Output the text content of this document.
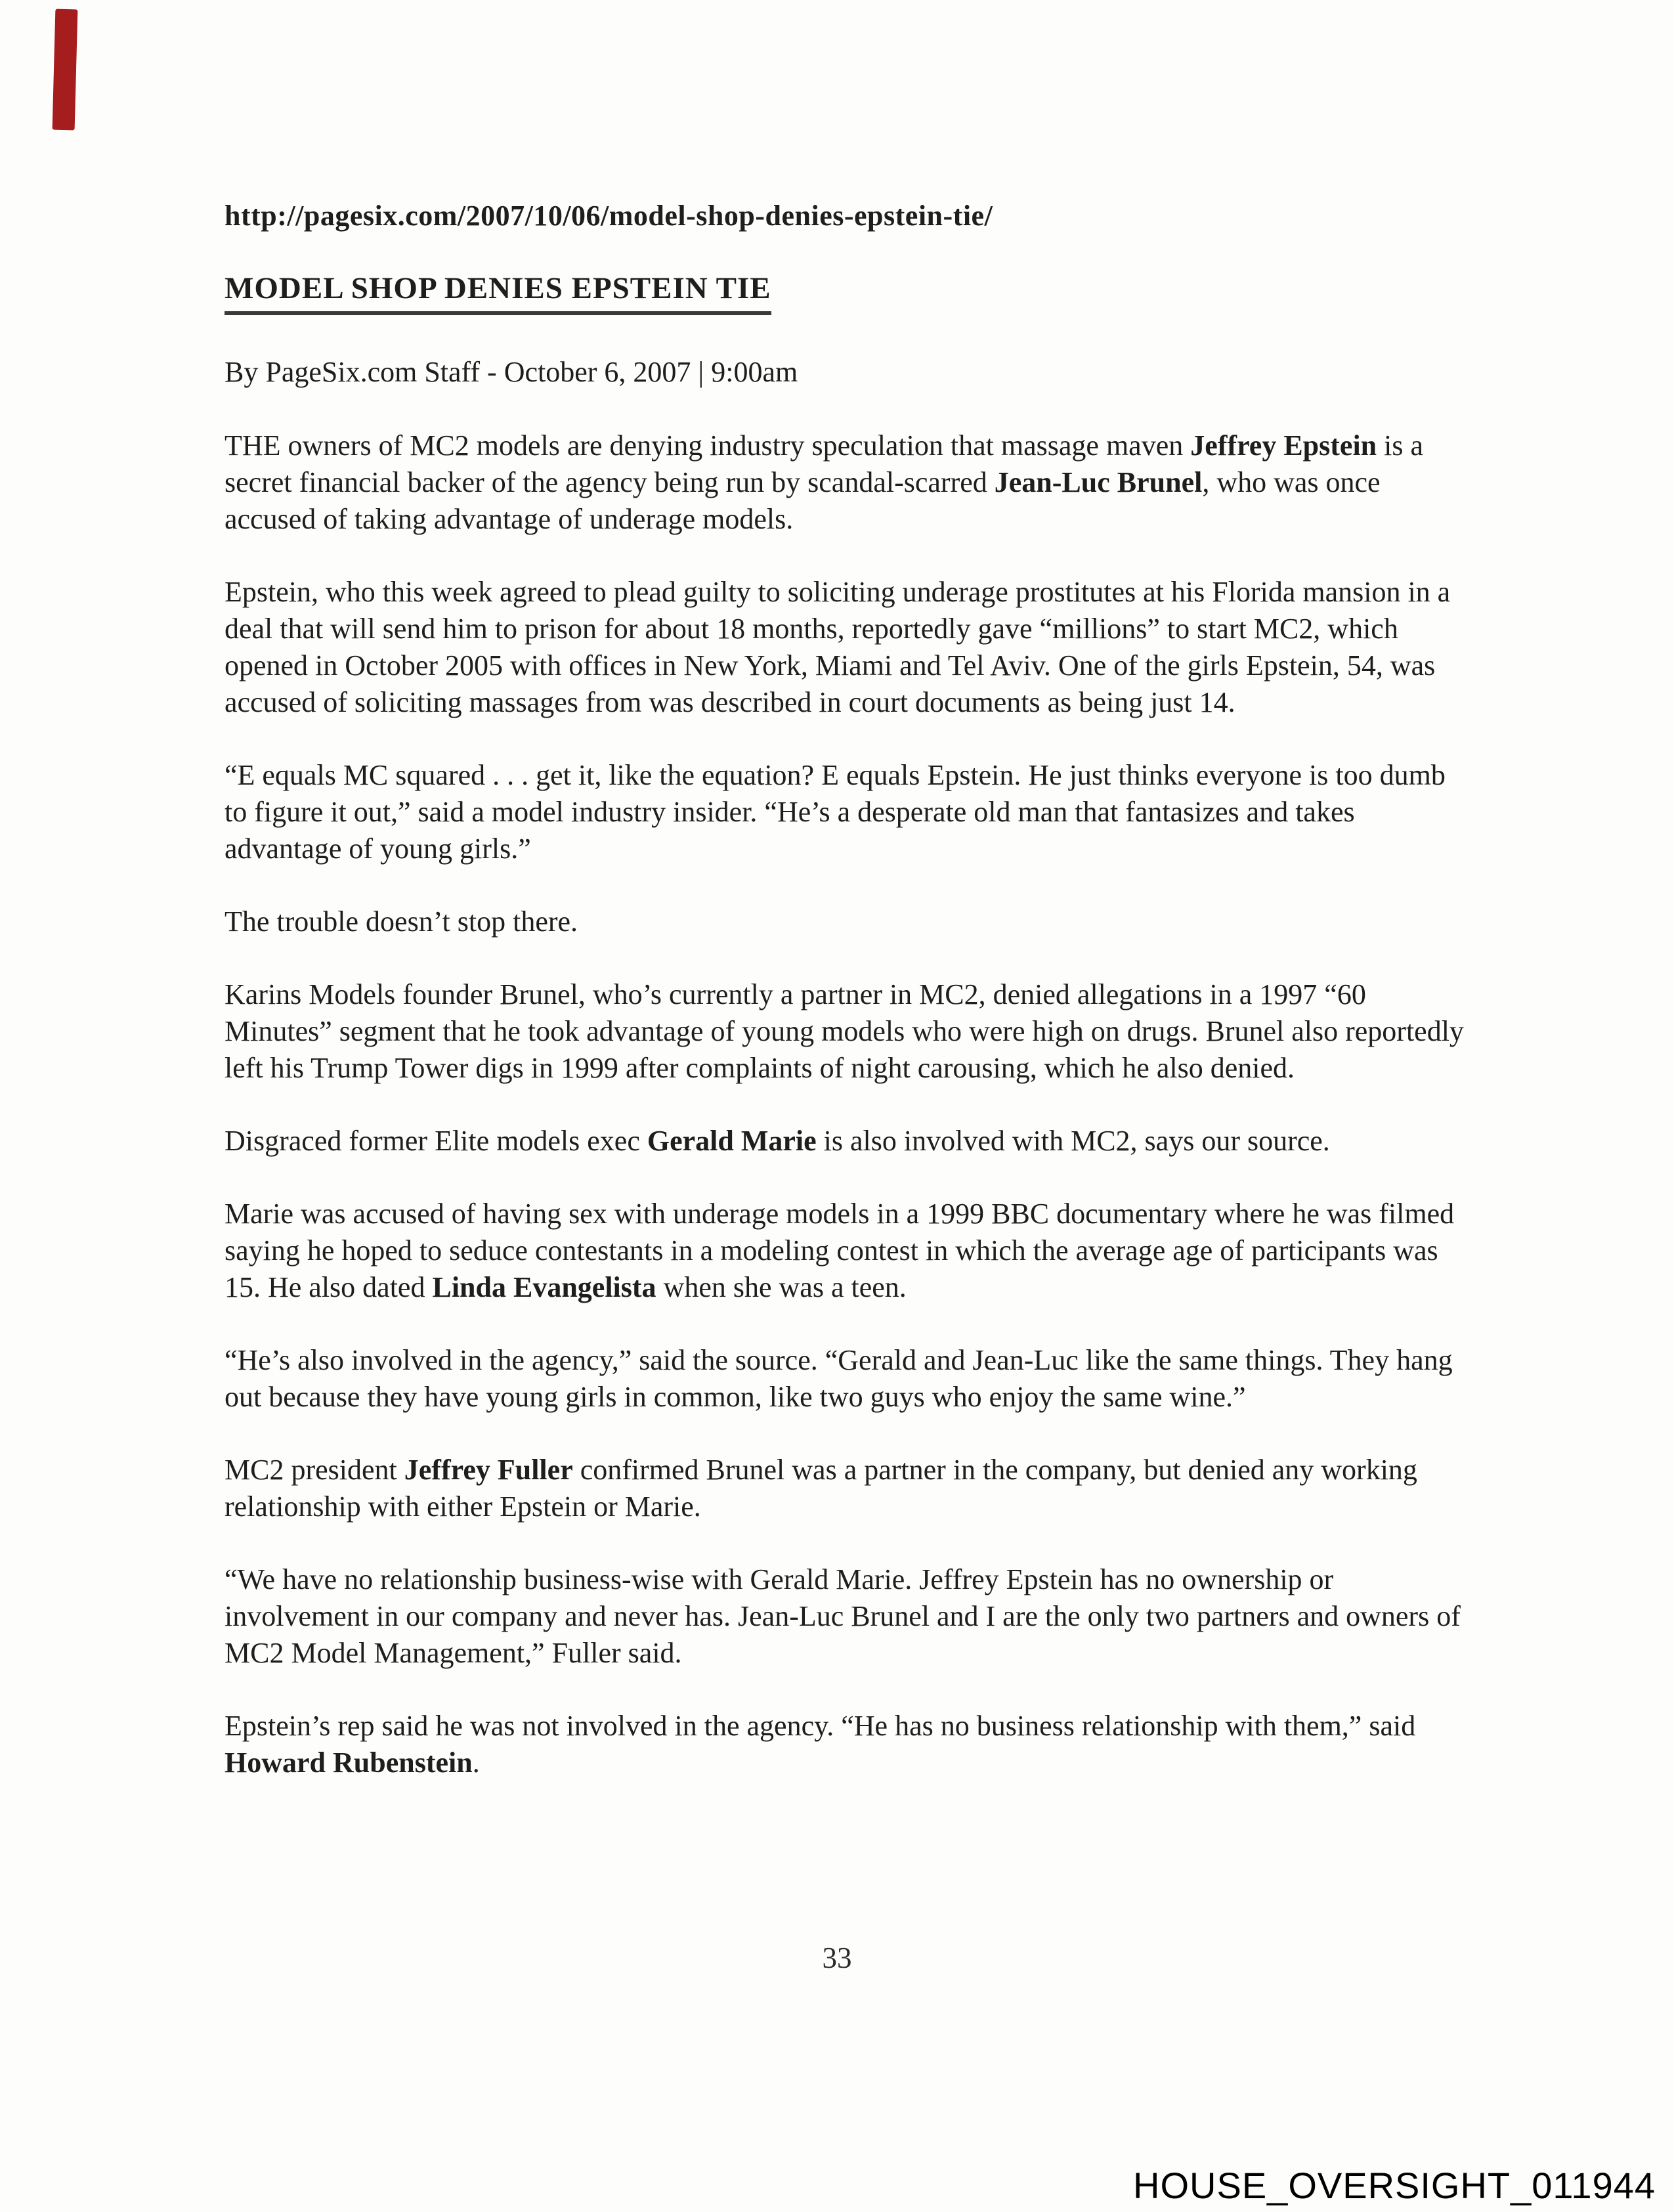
http://pagesix.com/2007/10/06/model-shop-denies-epstein-tie/

MODEL SHOP DENIES EPSTEIN TIE

By PageSix.com Staff - October 6, 2007 | 9:00am

THE owners of MC2 models are denying industry speculation that massage maven Jeffrey Epstein is a secret financial backer of the agency being run by scandal-scarred Jean-Luc Brunel, who was once accused of taking advantage of underage models.

Epstein, who this week agreed to plead guilty to soliciting underage prostitutes at his Florida mansion in a deal that will send him to prison for about 18 months, reportedly gave “millions” to start MC2, which opened in October 2005 with offices in New York, Miami and Tel Aviv. One of the girls Epstein, 54, was accused of soliciting massages from was described in court documents as being just 14.

“E equals MC squared . . . get it, like the equation? E equals Epstein. He just thinks everyone is too dumb to figure it out,” said a model industry insider. “He’s a desperate old man that fantasizes and takes advantage of young girls.”

The trouble doesn’t stop there.

Karins Models founder Brunel, who’s currently a partner in MC2, denied allegations in a 1997 “60 Minutes” segment that he took advantage of young models who were high on drugs. Brunel also reportedly left his Trump Tower digs in 1999 after complaints of night carousing, which he also denied.

Disgraced former Elite models exec Gerald Marie is also involved with MC2, says our source.

Marie was accused of having sex with underage models in a 1999 BBC documentary where he was filmed saying he hoped to seduce contestants in a modeling contest in which the average age of participants was 15. He also dated Linda Evangelista when she was a teen.

“He’s also involved in the agency,” said the source. “Gerald and Jean-Luc like the same things. They hang out because they have young girls in common, like two guys who enjoy the same wine.”

MC2 president Jeffrey Fuller confirmed Brunel was a partner in the company, but denied any working relationship with either Epstein or Marie.

“We have no relationship business-wise with Gerald Marie. Jeffrey Epstein has no ownership or involvement in our company and never has. Jean-Luc Brunel and I are the only two partners and owners of MC2 Model Management,” Fuller said.

Epstein’s rep said he was not involved in the agency. “He has no business relationship with them,” said Howard Rubenstein.

33
HOUSE_OVERSIGHT_011944
